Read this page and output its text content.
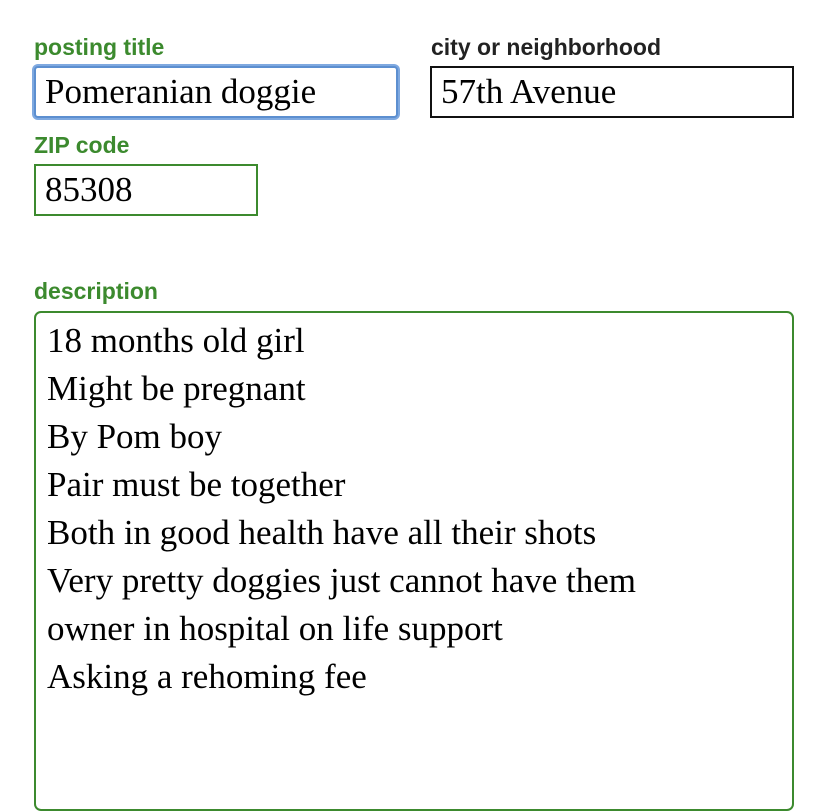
posting title
Pomeranian doggie
city or neighborhood
57th Avenue
ZIP code
85308
description
18 months old girl
Might be pregnant
By Pom boy
Pair must be together
Both in good health have all their shots
Very pretty doggies just cannot have them
owner in hospital on life support
Asking a rehoming fee
